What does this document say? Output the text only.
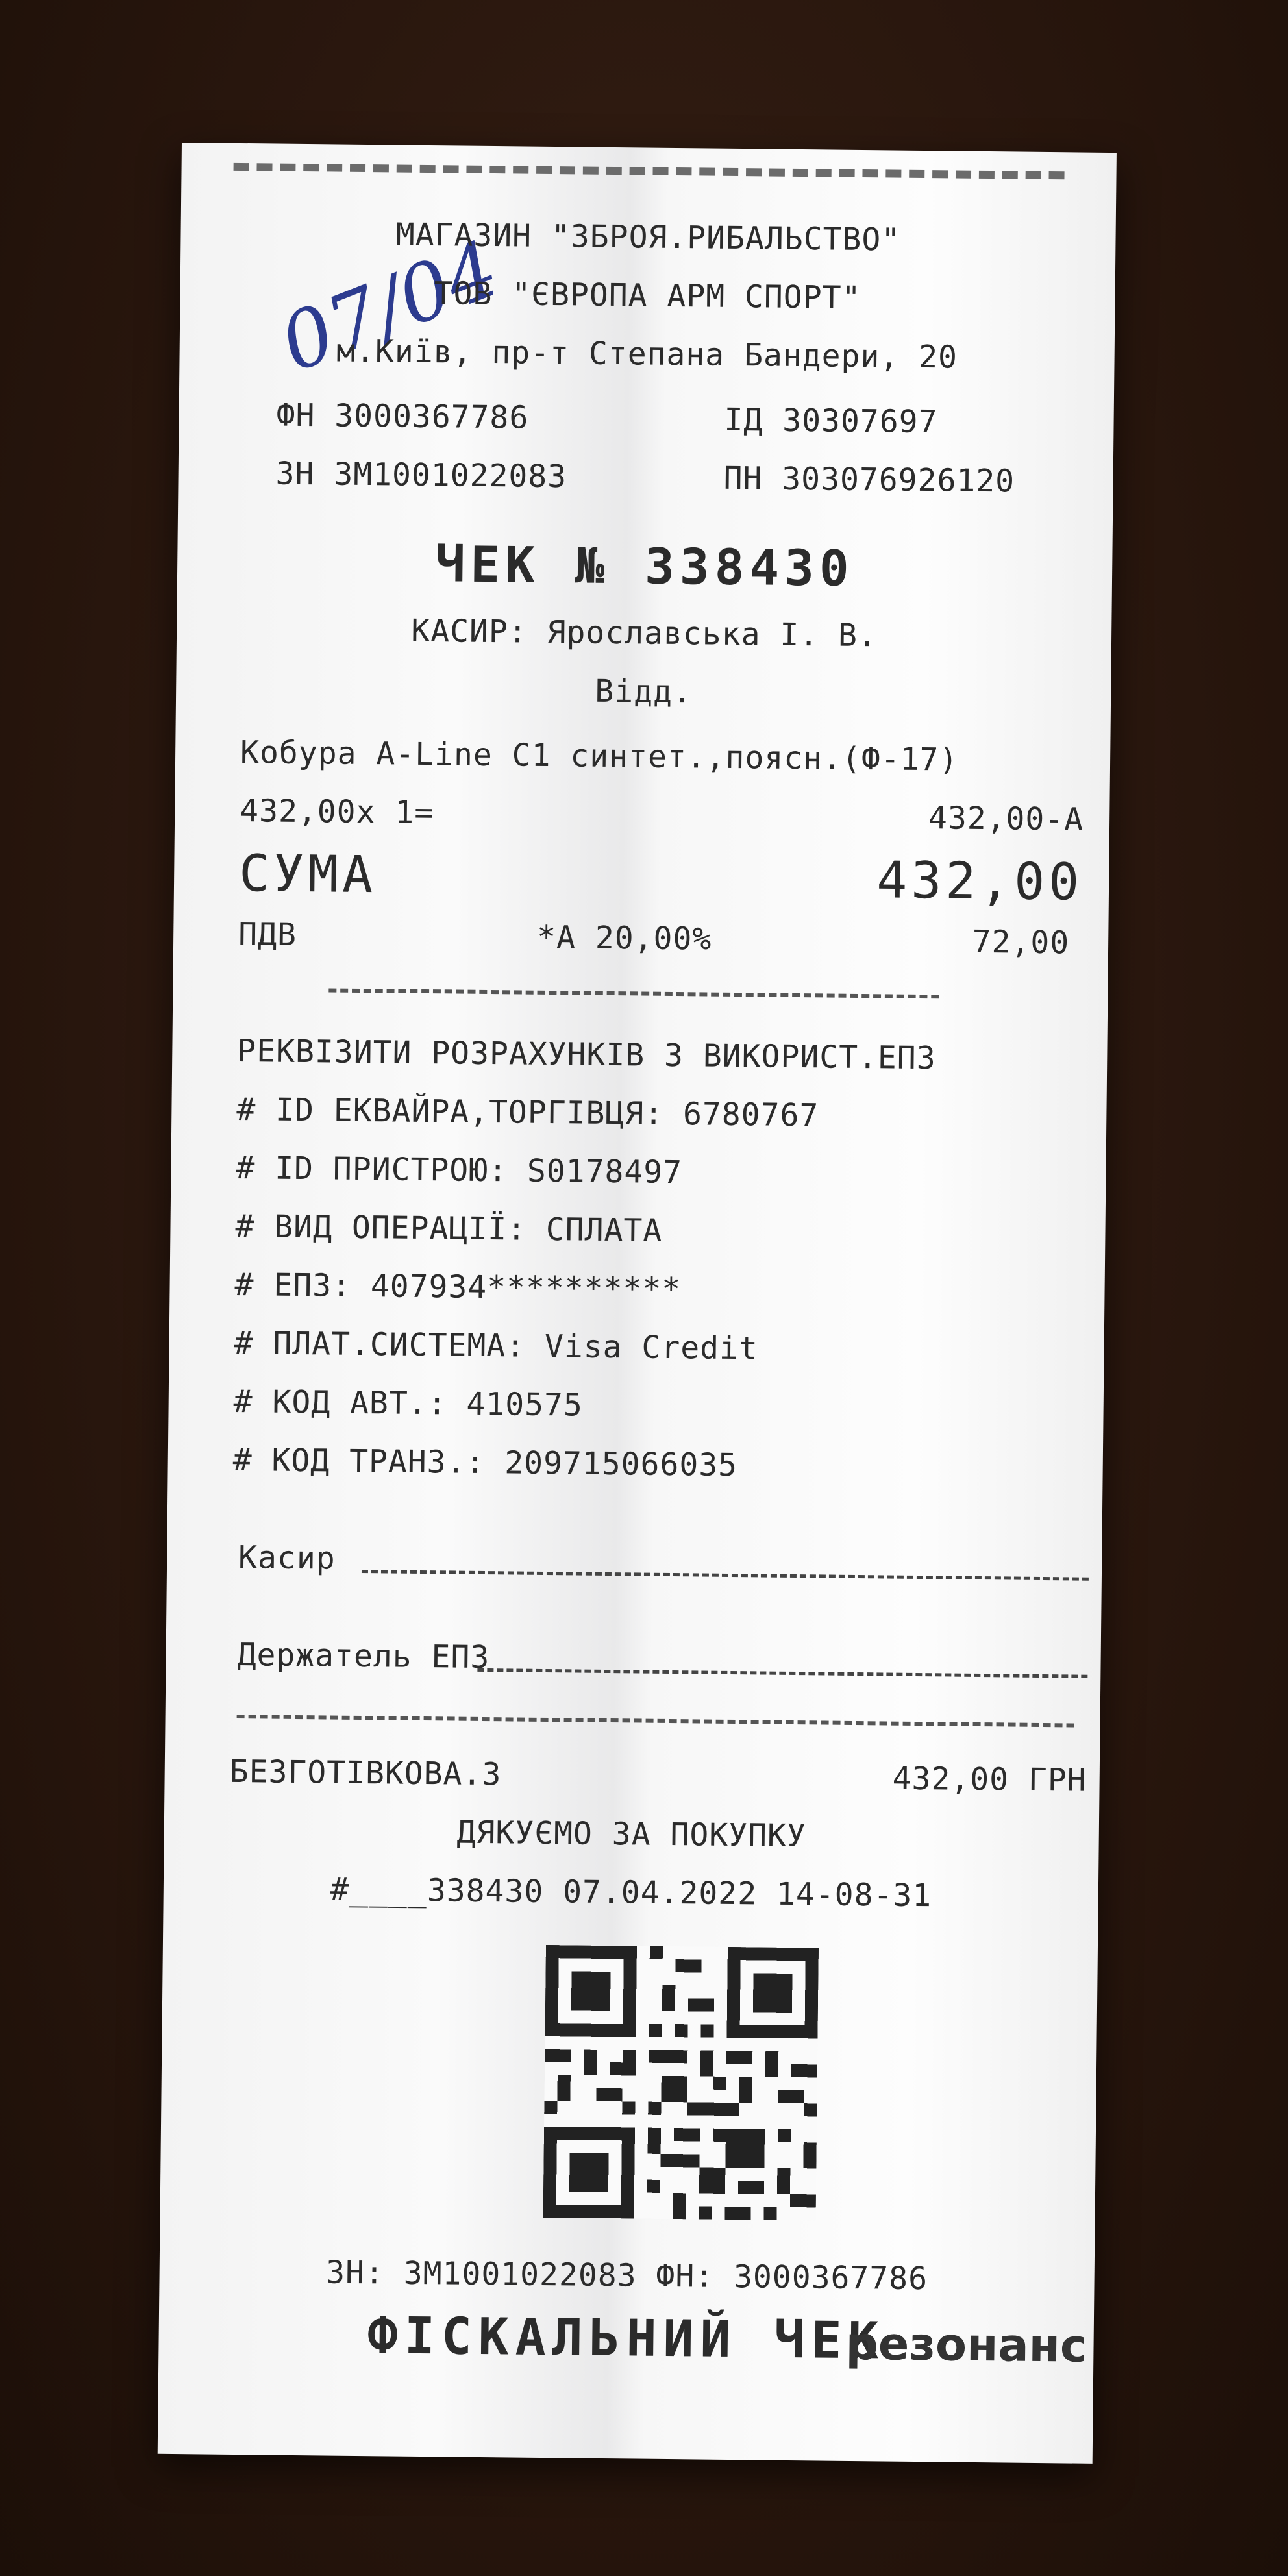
07/04
МАГАЗИН "ЗБРОЯ.РИБАЛЬСТВО"
ТОВ "ЄВРОПА АРМ СПОРТ"
м.Київ, пр-т Степана Бандери, 20
ФН 3000367786	ІД 30307697
ЗН 3М1001022083	ПН 303076926120
ЧЕК № 338430
КАСИР: Ярославська І. В.
Відд.
Кобура A-Line C1 синтет.,поясн.(Ф-17)
432,00х 1=	432,00-А
СУМА	432,00
ПДВ	*А 20,00%	72,00
РЕКВІЗИТИ РОЗРАХУНКІВ З ВИКОРИСТ.ЕПЗ
# ID ЕКВАЙРА,ТОРГІВЦЯ: 6780767
# ID ПРИСТРОЮ: S0178497
# ВИД ОПЕРАЦІЇ: СПЛАТА
# ЕПЗ: 407934**********
# ПЛАТ.СИСТЕМА: Visa Credit
# КОД АВТ.: 410575
# КОД ТРАНЗ.: 209715066035
Касир
Держатель ЕПЗ
БЕЗГОТІВКОВА.З	432,00 ГРН
ДЯКУЄМО ЗА ПОКУПКУ
#____338430 07.04.2022 14-08-31
ЗН: 3М1001022083 ФН: 3000367786
ФІСКАЛЬНИЙ ЧЕК
резонанс
